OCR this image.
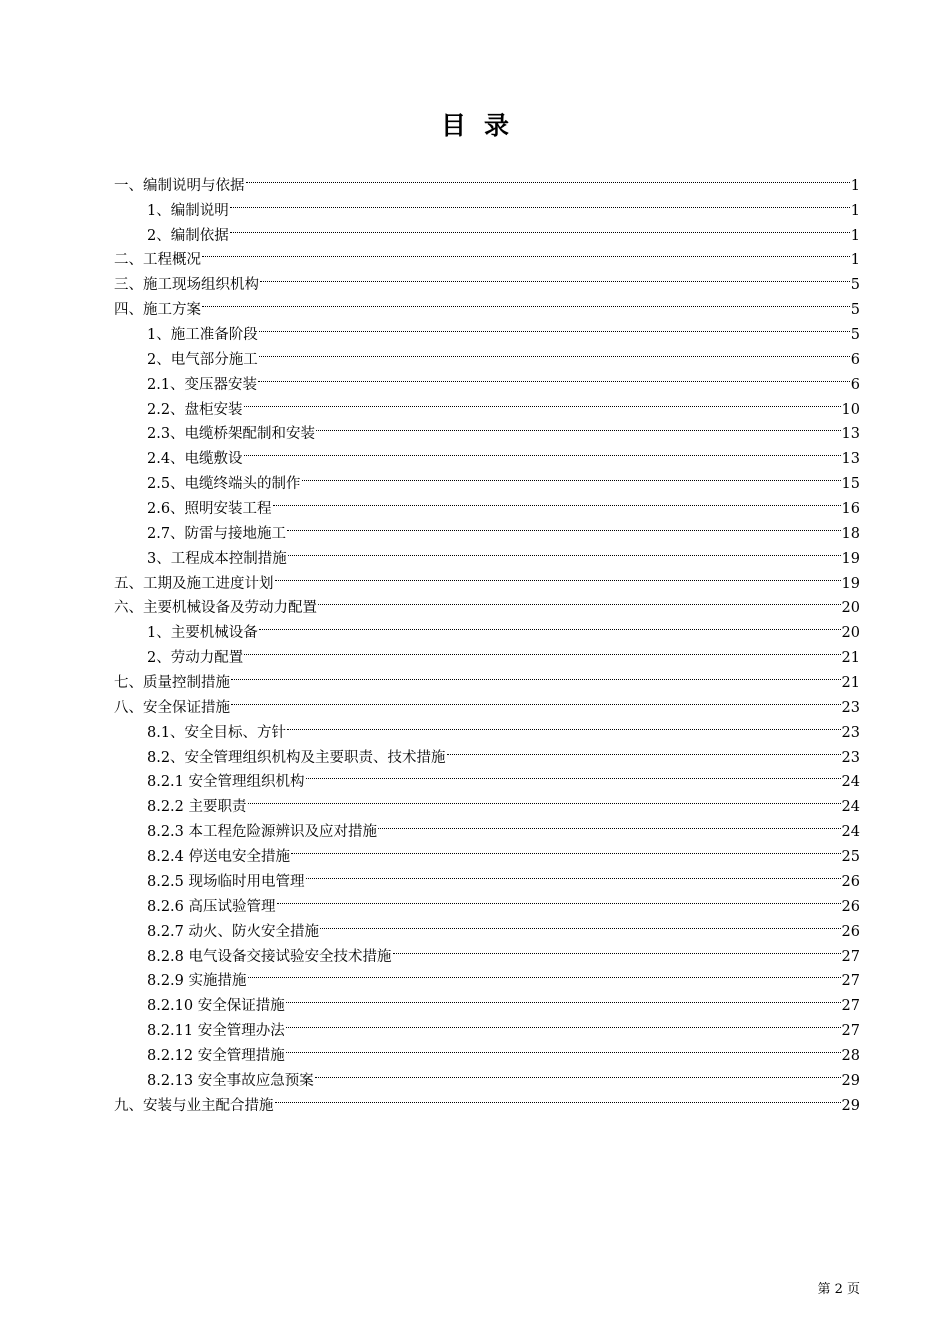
目录
一、编制说明与依据	1
1、编制说明	1
2、编制依据	1
二、工程概况	1
三、施工现场组织机构	5
四、施工方案	5
1、施工准备阶段	5
2、电气部分施工	6
2.1、变压器安装	6
2.2、盘柜安装	10
2.3、电缆桥架配制和安装	13
2.4、电缆敷设	13
2.5、电缆终端头的制作	15
2.6、照明安装工程	16
2.7、防雷与接地施工	18
3、工程成本控制措施	19
五、工期及施工进度计划	19
六、主要机械设备及劳动力配置	20
1、主要机械设备	20
2、劳动力配置	21
七、质量控制措施	21
八、安全保证措施	23
8.1、安全目标、方针	23
8.2、安全管理组织机构及主要职责、技术措施	23
8.2.1 安全管理组织机构	24
8.2.2 主要职责	24
8.2.3 本工程危险源辨识及应对措施	24
8.2.4 停送电安全措施	25
8.2.5 现场临时用电管理	26
8.2.6 高压试验管理	26
8.2.7 动火、防火安全措施	26
8.2.8 电气设备交接试验安全技术措施	27
8.2.9 实施措施	27
8.2.10 安全保证措施	27
8.2.11 安全管理办法	27
8.2.12 安全管理措施	28
8.2.13 安全事故应急预案	29
九、安装与业主配合措施	29
第 2 页
